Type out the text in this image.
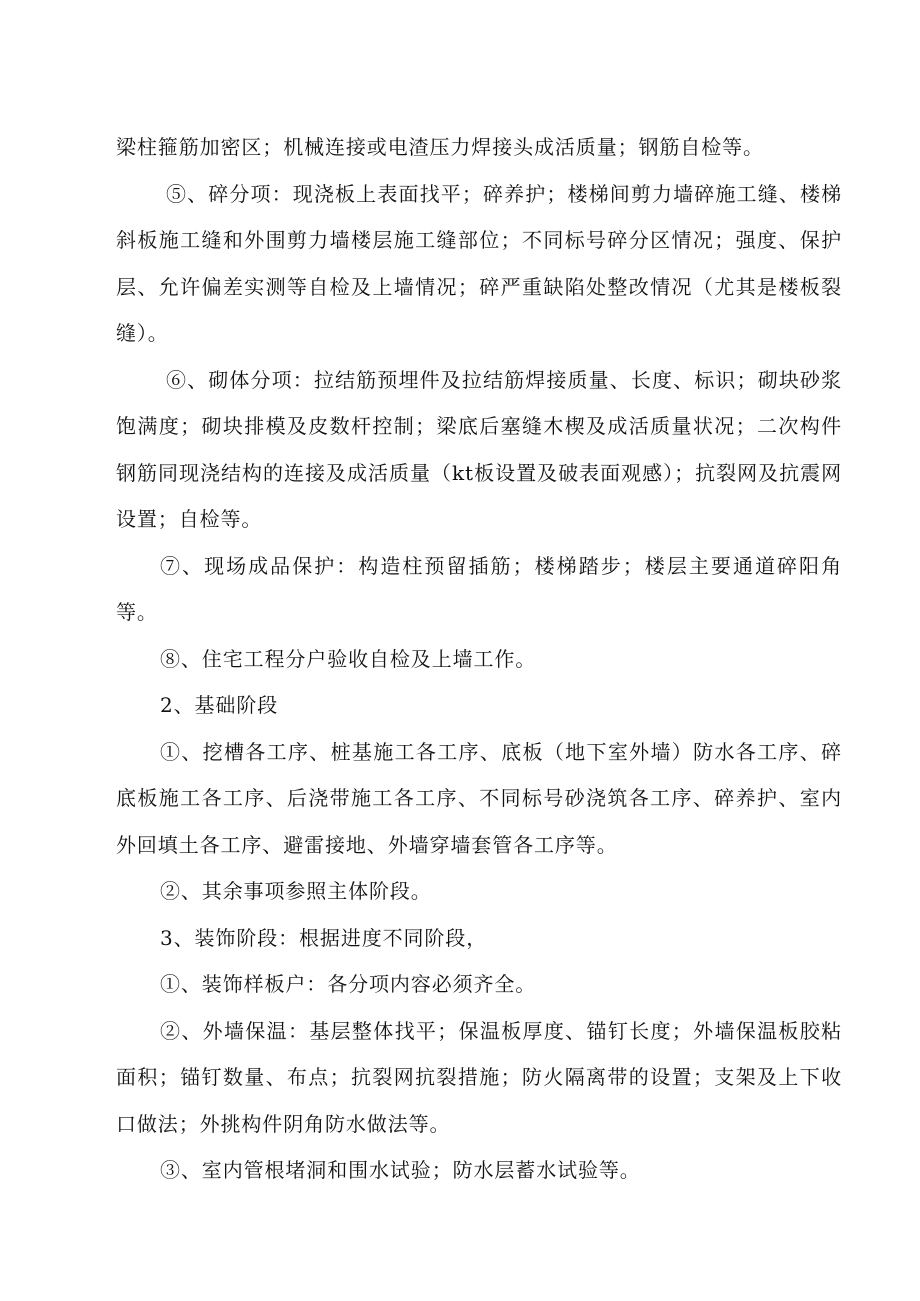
梁柱箍筋加密区；机械连接或电渣压力焊接头成活质量；钢筋自检等。

⑤、碎分项：现浇板上表面找平；碎养护；楼梯间剪力墙碎施工缝、楼梯斜板施工缝和外围剪力墙楼层施工缝部位；不同标号碎分区情况；强度、保护层、允许偏差实测等自检及上墙情况；碎严重缺陷处整改情况（尤其是楼板裂缝）。

⑥、砌体分项：拉结筋预埋件及拉结筋焊接质量、长度、标识；砌块砂浆饱满度；砌块排模及皮数杆控制；梁底后塞缝木楔及成活质量状况；二次构件钢筋同现浇结构的连接及成活质量（kt板设置及破表面观感）；抗裂网及抗震网设置；自检等。

⑦、现场成品保护：构造柱预留插筋；楼梯踏步；楼层主要通道碎阳角等。

⑧、住宅工程分户验收自检及上墙工作。

2、基础阶段

①、挖槽各工序、桩基施工各工序、底板（地下室外墙）防水各工序、碎底板施工各工序、后浇带施工各工序、不同标号砂浇筑各工序、碎养护、室内外回填土各工序、避雷接地、外墙穿墙套管各工序等。

②、其余事项参照主体阶段。

3、装饰阶段：根据进度不同阶段，

①、装饰样板户：各分项内容必须齐全。

②、外墙保温：基层整体找平；保温板厚度、锚钉长度；外墙保温板胶粘面积；锚钉数量、布点；抗裂网抗裂措施；防火隔离带的设置；支架及上下收口做法；外挑构件阴角防水做法等。

③、室内管根堵洞和围水试验；防水层蓄水试验等。
